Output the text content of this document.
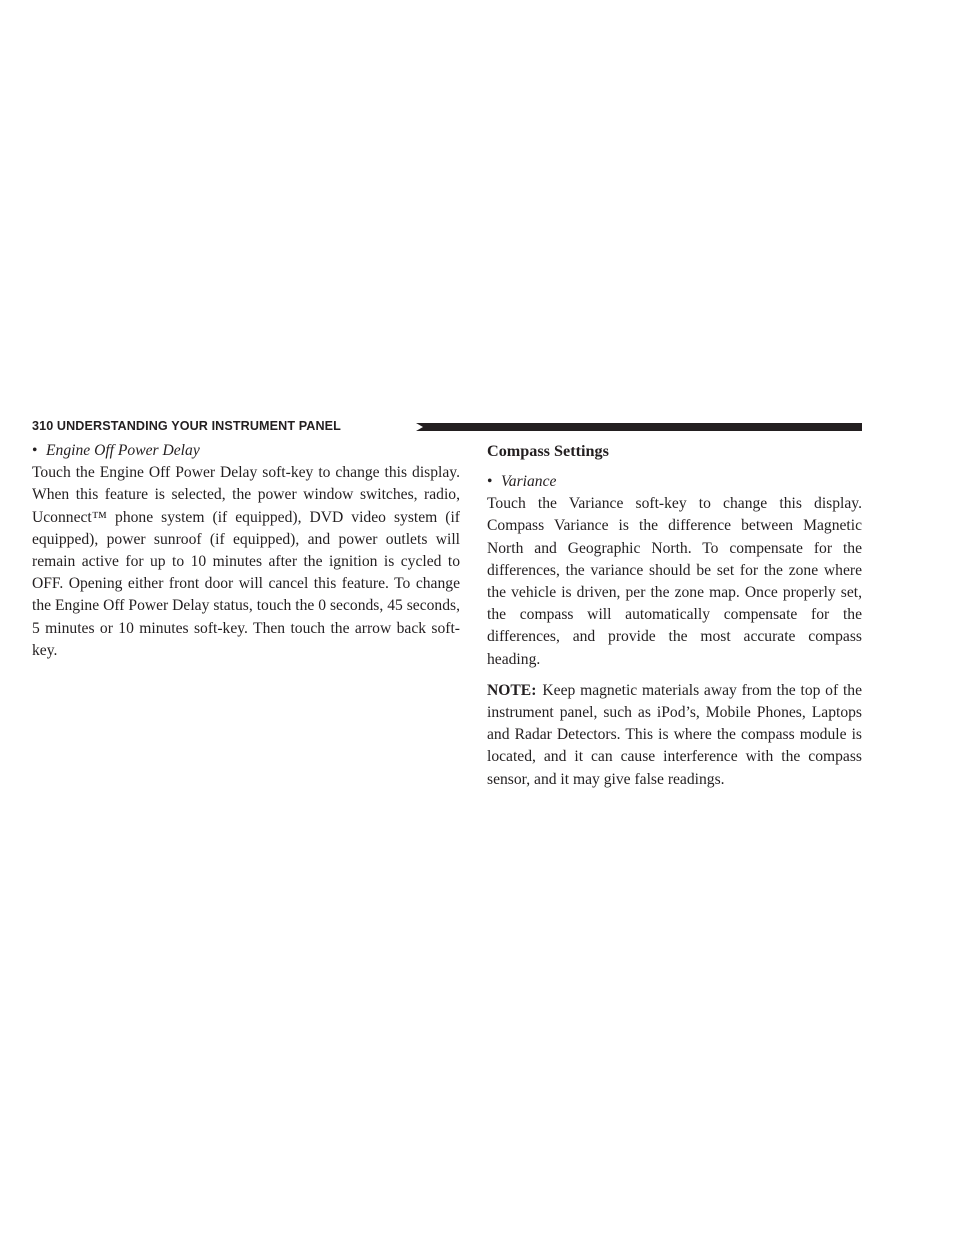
310 UNDERSTANDING YOUR INSTRUMENT PANEL

• Engine Off Power Delay

Touch the Engine Off Power Delay soft-key to change this display. When this feature is selected, the power window switches, radio, Uconnect™ phone system (if equipped), DVD video system (if equipped), power sunroof (if equipped), and power outlets will remain active for up to 10 minutes after the ignition is cycled to OFF. Opening either front door will cancel this feature. To change the Engine Off Power Delay status, touch the 0 seconds, 45 seconds, 5 minutes or 10 minutes soft-key. Then touch the arrow back soft-key.

Compass Settings

• Variance

Touch the Variance soft-key to change this display. Compass Variance is the difference between Magnetic North and Geographic North. To compensate for the differences, the variance should be set for the zone where the vehicle is driven, per the zone map. Once properly set, the compass will automatically compensate for the differences, and provide the most accurate compass heading.

NOTE: Keep magnetic materials away from the top of the instrument panel, such as iPod’s, Mobile Phones, Laptops and Radar Detectors. This is where the compass module is located, and it can cause interference with the compass sensor, and it may give false readings.
